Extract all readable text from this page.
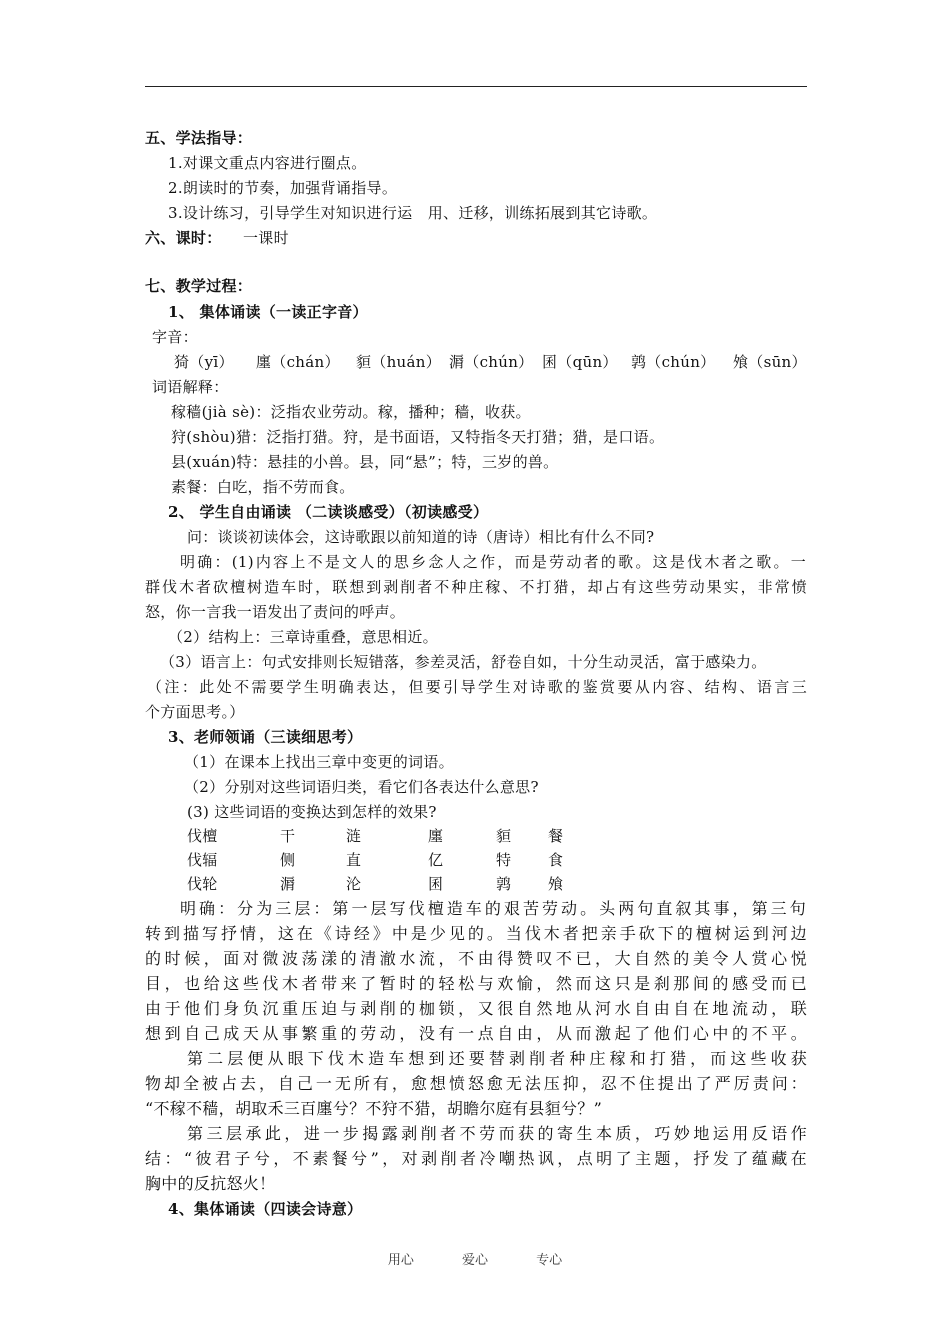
五、学法指导：
1.对课文重点内容进行圈点。
2.朗读时的节奏，加强背诵指导。
3.设计练习，引导学生对知识进行运　用、迁移，训练拓展到其它诗歌。
六、课时： 一课时
七、教学过程：
1、 集体诵读（一读正字音）
字音：
猗（yī） 廛（chán） 貆（huán） 漘（chún） 囷（qūn） 鹑（chún） 飧（sūn）
词语解释：
稼穑(jià sè)：泛指农业劳动。稼，播种；穑，收获。
狩(shòu)猎：泛指打猎。狩，是书面语，又特指冬天打猎；猎，是口语。
县(xuán)特：悬挂的小兽。县，同“悬”；特，三岁的兽。
素餐：白吃，指不劳而食。
2、 学生自由诵读 （二读谈感受）（初读感受）
问：谈谈初读体会，这诗歌跟以前知道的诗（唐诗）相比有什么不同?
明确：(1)内容上不是文人的思乡念人之作，而是劳动者的歌。这是伐木者之歌。一
群伐木者砍檀树造车时，联想到剥削者不种庄稼、不打猎，却占有这些劳动果实，非常愤
怒，你一言我一语发出了责问的呼声。
（2）结构上：三章诗重叠，意思相近。
（3）语言上：句式安排则长短错落，参差灵活，舒卷自如，十分生动灵活，富于感染力。
（注：此处不需要学生明确表达，但要引导学生对诗歌的鉴赏要从内容、结构、语言三
个方面思考。）
3、老师领诵（三读细思考）
（1）在课本上找出三章中变更的词语。
（2）分别对这些词语归类，看它们各表达什么意思?
(3) 这些词语的变换达到怎样的效果?
伐檀	干	涟	廛	貆 餐
伐辐	侧	直	亿	特 食
伐轮	漘	沦	囷	鹑 飧
明确：分为三层：第一层写伐檀造车的艰苦劳动。头两句直叙其事，第三句
转到描写抒情，这在《诗经》中是少见的。当伐木者把亲手砍下的檀树运到河边
的时候，面对微波荡漾的清澈水流，不由得赞叹不已，大自然的美令人赏心悦
目，也给这些伐木者带来了暂时的轻松与欢愉，然而这只是刹那间的感受而已
由于他们身负沉重压迫与剥削的枷锁，又很自然地从河水自由自在地流动，联
想到自己成天从事繁重的劳动，没有一点自由，从而激起了他们心中的不平。
第二层便从眼下伐木造车想到还要替剥削者种庄稼和打猎，而这些收获
物却全被占去，自己一无所有，愈想愤怒愈无法压抑，忍不住提出了严厉责问：
“不稼不穑，胡取禾三百廛兮？不狩不猎，胡瞻尔庭有县貆兮？”
第三层承此，进一步揭露剥削者不劳而获的寄生本质，巧妙地运用反语作
结：“彼君子兮，不素餐兮”，对剥削者冷嘲热讽，点明了主题，抒发了蕴藏在
胸中的反抗怒火！
4、集体诵读（四读会诗意）
用心	爱心	专心
